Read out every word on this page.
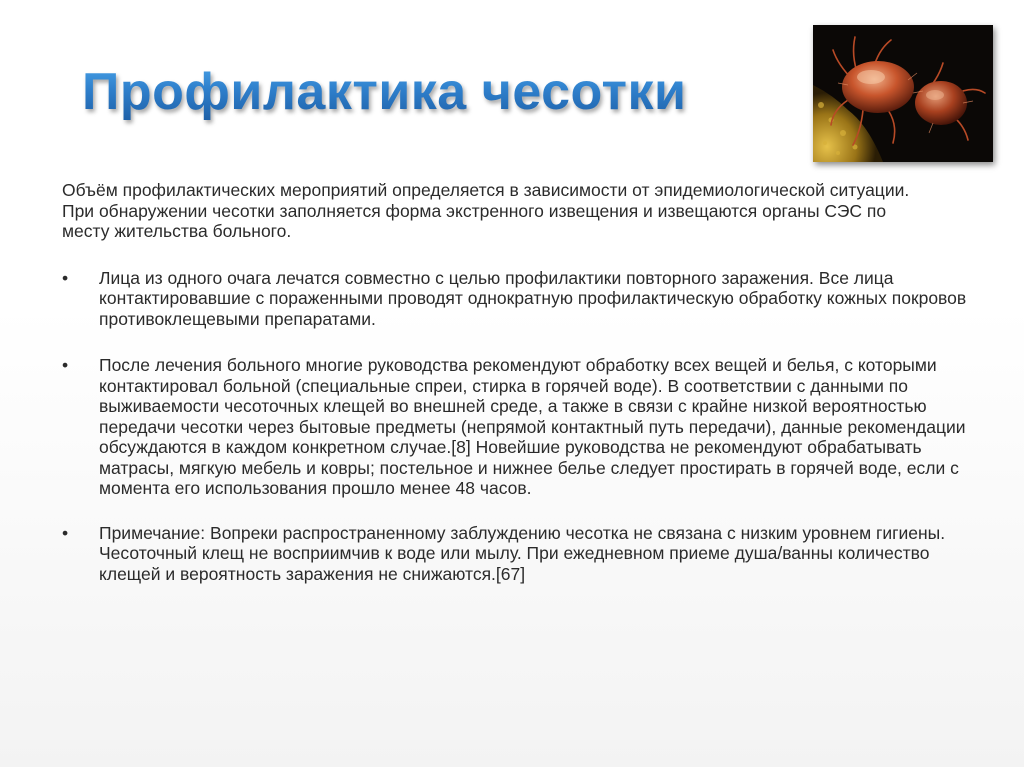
Профилактика чесотки

Объём профилактических мероприятий определяется в зависимости от эпидемиологической ситуации. При обнаружении чесотки заполняется форма экстренного извещения и извещаются органы СЭС по месту жительства больного.

•	Лица из одного очага лечатся совместно с целью профилактики повторного заражения. Все лица контактировавшие с пораженными проводят однократную профилактическую обработку кожных покровов противоклещевыми препаратами.
•	После лечения больного многие руководства рекомендуют обработку всех вещей и белья, с которыми контактировал больной (специальные спреи, стирка в горячей воде). В соответствии с данными по выживаемости чесоточных клещей во внешней среде, а также в связи с крайне низкой вероятностью передачи чесотки через бытовые предметы (непрямой контактный путь передачи), данные рекомендации обсуждаются в каждом конкретном случае.[8] Новейшие руководства не рекомендуют обрабатывать матрасы, мягкую мебель и ковры; постельное и нижнее белье следует простирать в горячей воде, если с момента его использования прошло менее 48 часов.
•	Примечание: Вопреки распространенному заблуждению чесотка не связана с низким уровнем гигиены. Чесоточный клещ не восприимчив к воде или мылу. При ежедневном приеме душа/ванны количество клещей и вероятность заражения не снижаются.[67]
